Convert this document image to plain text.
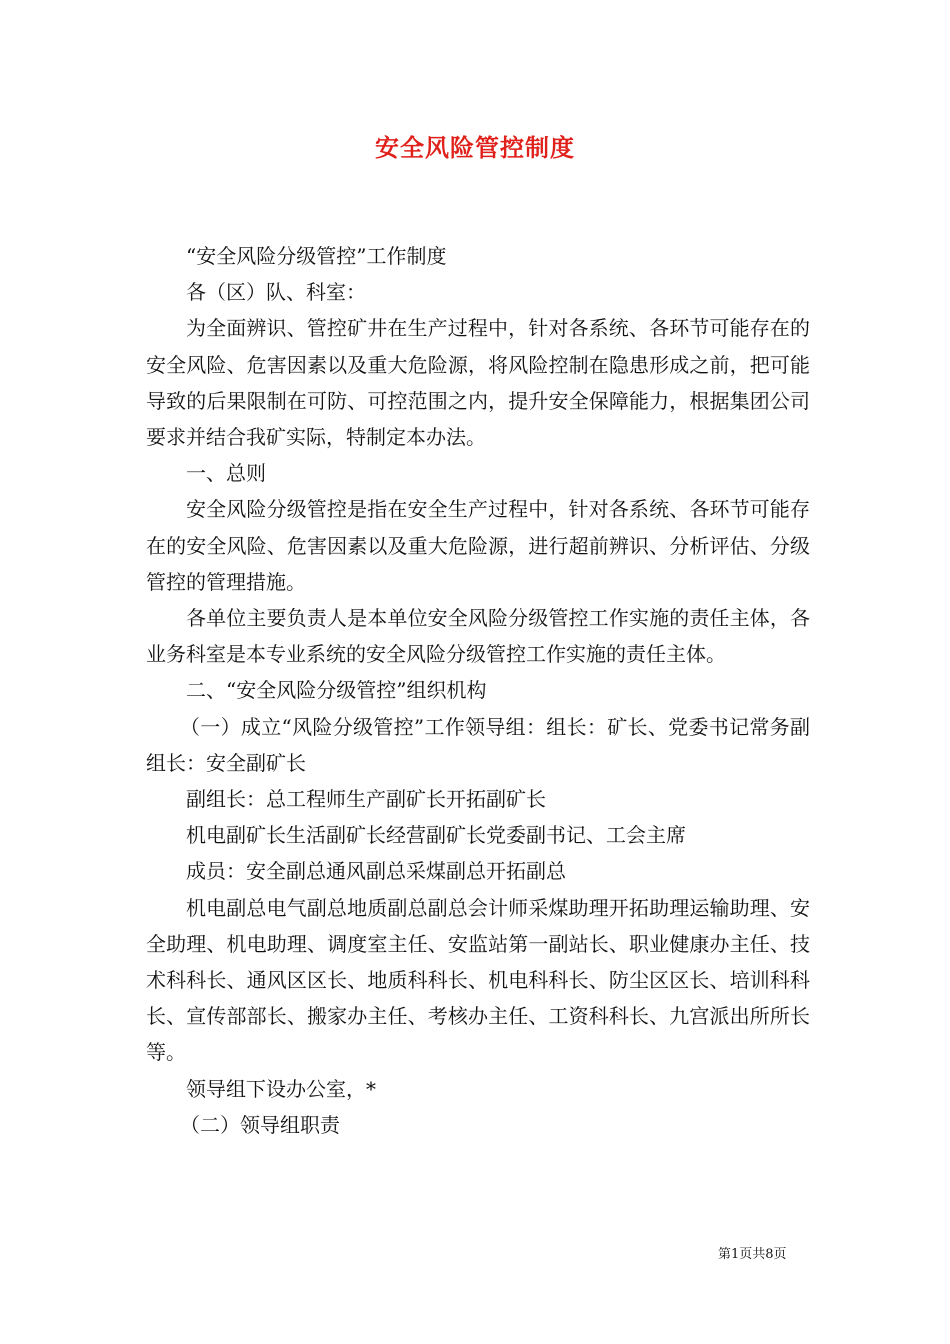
安全风险管控制度

“安全风险分级管控”工作制度

各（区）队、科室：

为全面辨识、管控矿井在生产过程中，针对各系统、各环节可能存在的安全风险、危害因素以及重大危险源，将风险控制在隐患形成之前，把可能导致的后果限制在可防、可控范围之内，提升安全保障能力，根据集团公司要求并结合我矿实际，特制定本办法。

一、总则

安全风险分级管控是指在安全生产过程中，针对各系统、各环节可能存在的安全风险、危害因素以及重大危险源，进行超前辨识、分析评估、分级管控的管理措施。

各单位主要负责人是本单位安全风险分级管控工作实施的责任主体，各业务科室是本专业系统的安全风险分级管控工作实施的责任主体。

二、“安全风险分级管控”组织机构

（一）成立“风险分级管控”工作领导组：组长：矿长、党委书记常务副组长：安全副矿长

副组长：总工程师生产副矿长开拓副矿长

机电副矿长生活副矿长经营副矿长党委副书记、工会主席

成员：安全副总通风副总采煤副总开拓副总

机电副总电气副总地质副总副总会计师采煤助理开拓助理运输助理、安全助理、机电助理、调度室主任、安监站第一副站长、职业健康办主任、技术科科长、通风区区长、地质科科长、机电科科长、防尘区区长、培训科科长、宣传部部长、搬家办主任、考核办主任、工资科科长、九宫派出所所长等。

领导组下设办公室，*

（二）领导组职责

第1页共8页
